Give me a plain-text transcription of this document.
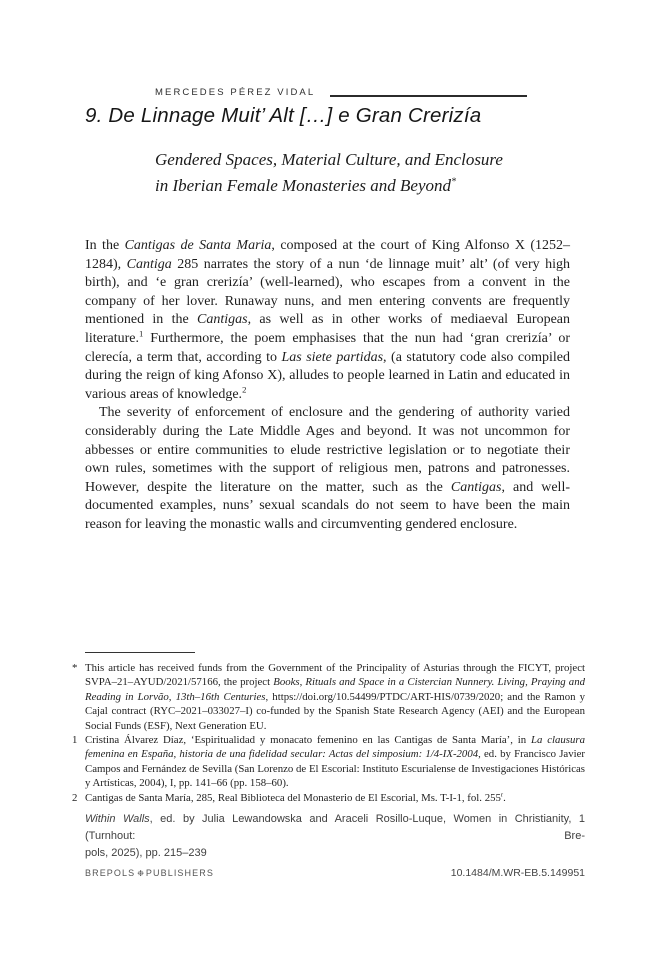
MERCEDES PÉREZ VIDAL
9. De Linnage Muit’ Alt […] e Gran Crerizía
Gendered Spaces, Material Culture, and Enclosure
in Iberian Female Monasteries and Beyond*

In the Cantigas de Santa Maria, composed at the court of King Alfonso X (1252–1284), Cantiga 285 narrates the story of a nun ‘de linnage muit’ alt’ (of very high birth), and ‘e gran crerizía’ (well-learned), who escapes from a convent in the company of her lover. Runaway nuns, and men entering convents are frequently mentioned in the Cantigas, as well as in other works of mediaeval European literature.$^1$ Furthermore, the poem emphasises that the nun had ‘gran crerizía’ or clerecía, a term that, according to Las siete partidas, (a statutory code also compiled during the reign of king Afonso X), alludes to people learned in Latin and educated in various areas of knowledge.$^2$

The severity of enforcement of enclosure and the gendering of authority varied considerably during the Late Middle Ages and beyond. It was not uncommon for abbesses or entire communities to elude restrictive legislation or to negotiate their own rules, sometimes with the support of religious men, patrons and patronesses. However, despite the literature on the matter, such as the Cantigas, and well-documented examples, nuns’ sexual scandals do not seem to have been the main reason for leaving the monastic walls and circumventing gendered enclosure.

* This article has received funds from the Government of the Principality of Asturias through the FICYT, project SVPA–21–AYUD/2021/57166, the project Books, Rituals and Space in a Cistercian Nunnery. Living, Praying and Reading in Lorvão, 13th–16th Centuries, https://doi.org/10.54499/PTDC/ART-HIS/0739/2020; and the Ramon y Cajal contract (RYC–2021–033027–I) co-funded by the Spanish State Research Agency (AEI) and the European Social Funds (ESF), Next Generation EU.
1 Cristina Álvarez Díaz, ‘Espiritualidad y monacato femenino en las Cantigas de Santa María’, in La clausura femenina en España, historia de una fidelidad secular: Actas del simposium: 1/4-IX-2004, ed. by Francisco Javier Campos and Fernández de Sevilla (San Lorenzo de El Escorial: Instituto Escurialense de Investigaciones Históricas y Artísticas, 2004), I, pp. 141–66 (pp. 158–60).
2 Cantigas de Santa María, 285, Real Biblioteca del Monasterio de El Escorial, Ms. T-I-1, fol. 255$^r$.
Within Walls, ed. by Julia Lewandowska and Araceli Rosillo-Luque, Women in Christianity, 1 (Turnhout: Bre-
pols, 2025), pp. 215–239
BREPOLS ❉ PUBLISHERS	10.1484/M.WR-EB.5.149951
